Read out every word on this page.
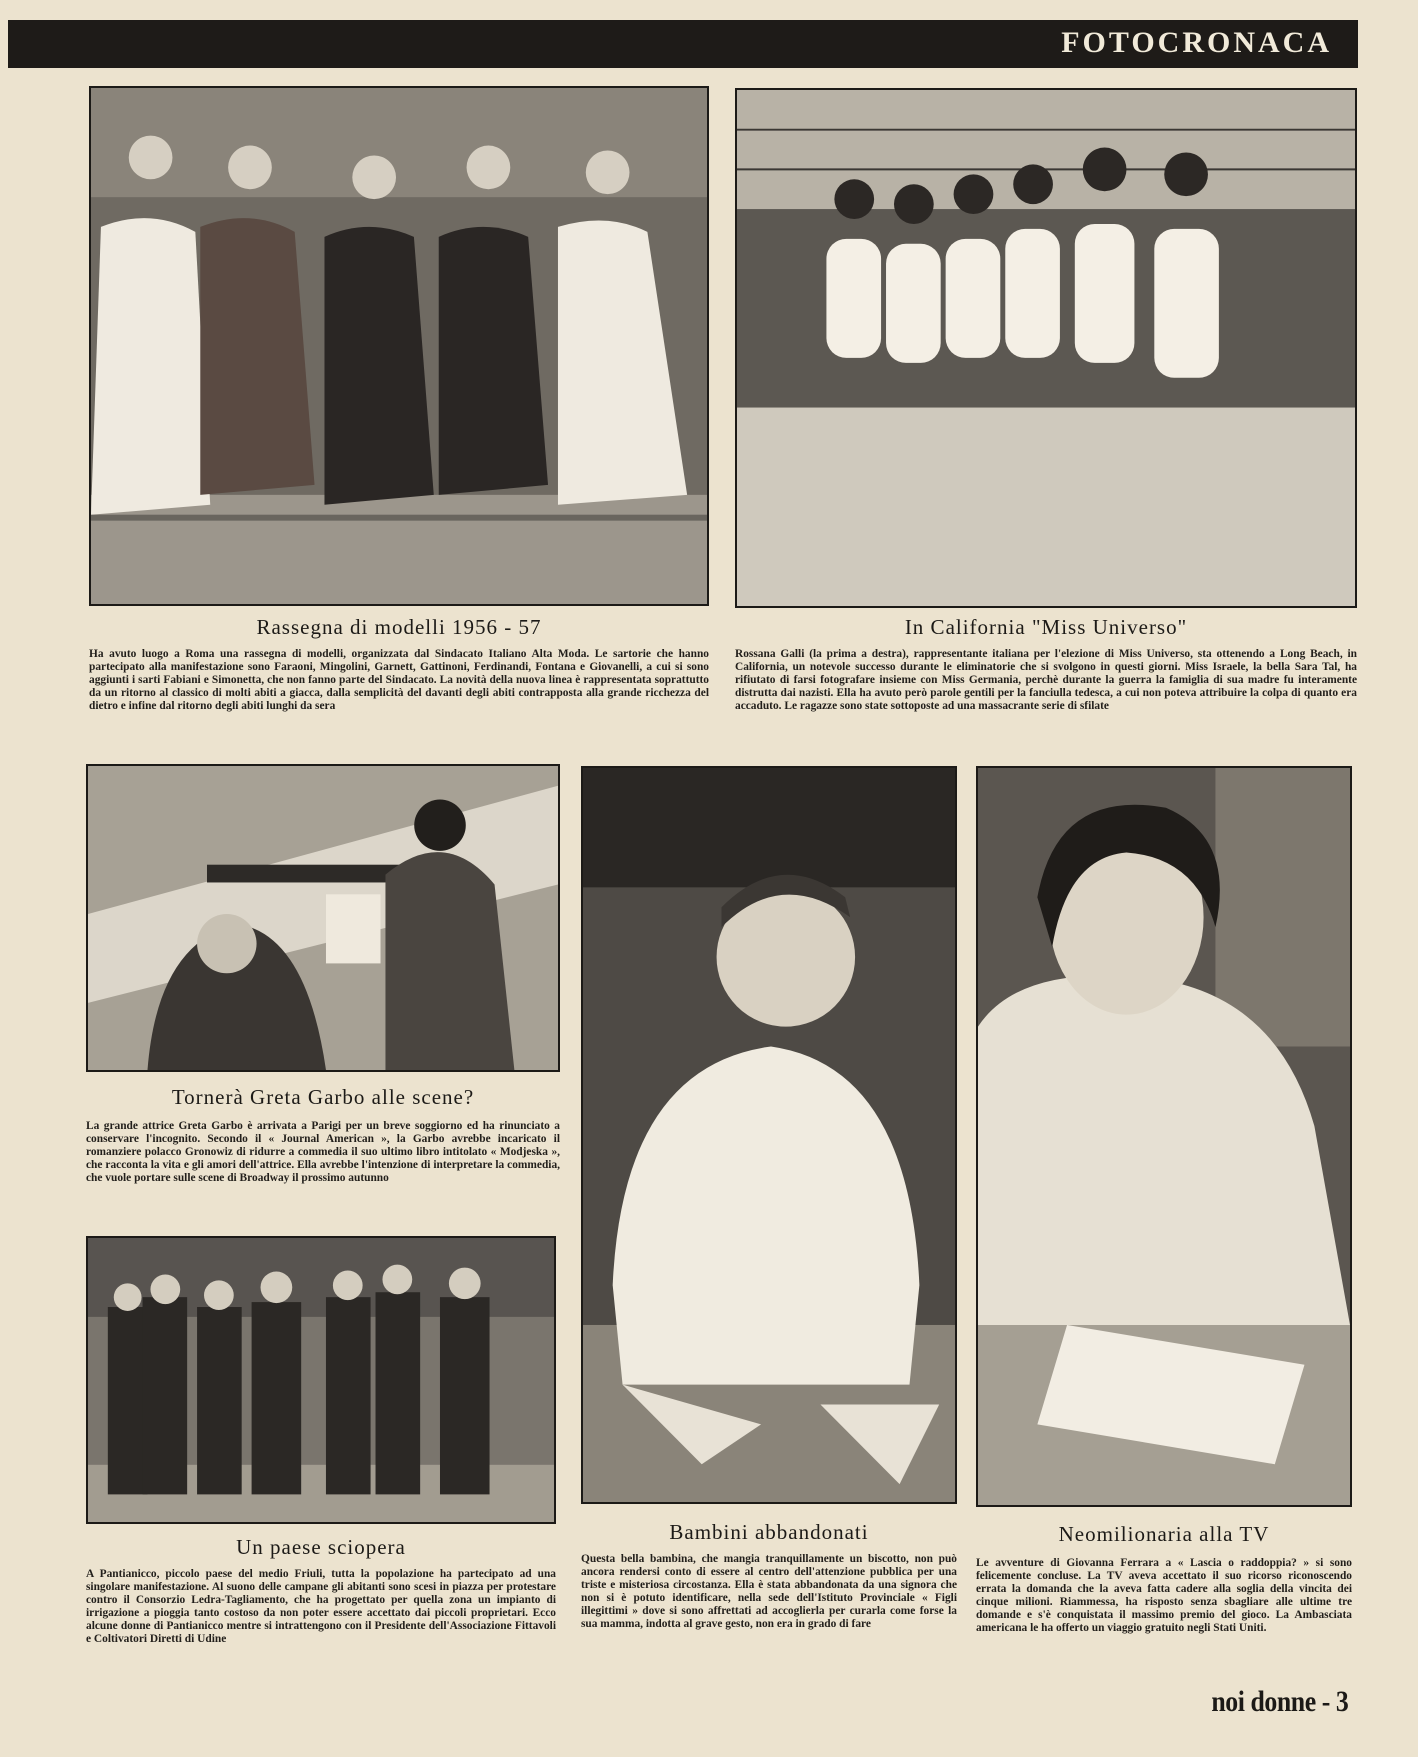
FOTOCRONACA
Rassegna di modelli 1956 - 57
Ha avuto luogo a Roma una rassegna di modelli, organizzata dal Sindacato Italiano Alta Moda. Le sartorie che hanno partecipato alla manifestazione sono Faraoni, Mingolini, Garnett, Gattinoni, Ferdinandi, Fontana e Giovanelli, a cui si sono aggiunti i sarti Fabiani e Simonetta, che non fanno parte del Sindacato. La novità della nuova linea è rappresentata soprattutto da un ritorno al classico di molti abiti a giacca, dalla semplicità del davanti degli abiti contrapposta alla grande ricchezza del dietro e infine dal ritorno degli abiti lunghi da sera
In California "Miss Universo"
Rossana Galli (la prima a destra), rappresentante italiana per l'elezione di Miss Universo, sta ottenendo a Long Beach, in California, un notevole successo durante le eliminatorie che si svolgono in questi giorni. Miss Israele, la bella Sara Tal, ha rifiutato di farsi fotografare insieme con Miss Germania, perchè durante la guerra la famiglia di sua madre fu interamente distrutta dai nazisti. Ella ha avuto però parole gentili per la fanciulla tedesca, a cui non poteva attribuire la colpa di quanto era accaduto. Le ragazze sono state sottoposte ad una massacrante serie di sfilate
Tornerà Greta Garbo alle scene?
La grande attrice Greta Garbo è arrivata a Parigi per un breve soggiorno ed ha rinunciato a conservare l'incognito. Secondo il « Journal American », la Garbo avrebbe incaricato il romanziere polacco Gronowiz di ridurre a commedia il suo ultimo libro intitolato « Modjeska », che racconta la vita e gli amori dell'attrice. Ella avrebbe l'intenzione di interpretare la commedia, che vuole portare sulle scene di Broadway il prossimo autunno
Un paese sciopera
A Pantianicco, piccolo paese del medio Friuli, tutta la popolazione ha partecipato ad una singolare manifestazione. Al suono delle campane gli abitanti sono scesi in piazza per protestare contro il Consorzio Ledra-Tagliamento, che ha progettato per quella zona un impianto di irrigazione a pioggia tanto costoso da non poter essere accettato dai piccoli proprietari. Ecco alcune donne di Pantianicco mentre si intrattengono con il Presidente dell'Associazione Fittavoli e Coltivatori Diretti di Udine
Bambini abbandonati
Questa bella bambina, che mangia tranquillamente un biscotto, non può ancora rendersi conto di essere al centro dell'attenzione pubblica per una triste e misteriosa circostanza. Ella è stata abbandonata da una signora che non si è potuto identificare, nella sede dell'Istituto Provinciale « Figli illegittimi » dove si sono affrettati ad accoglierla per curarla come forse la sua mamma, indotta al grave gesto, non era in grado di fare
Neomilionaria alla TV
Le avventure di Giovanna Ferrara a « Lascia o raddoppia? » si sono felicemente concluse. La TV aveva accettato il suo ricorso riconoscendo errata la domanda che la aveva fatta cadere alla soglia della vincita dei cinque milioni. Riammessa, ha risposto senza sbagliare alle ultime tre domande e s'è conquistata il massimo premio del gioco. La Ambasciata americana le ha offerto un viaggio gratuito negli Stati Uniti.
noi donne - 3
